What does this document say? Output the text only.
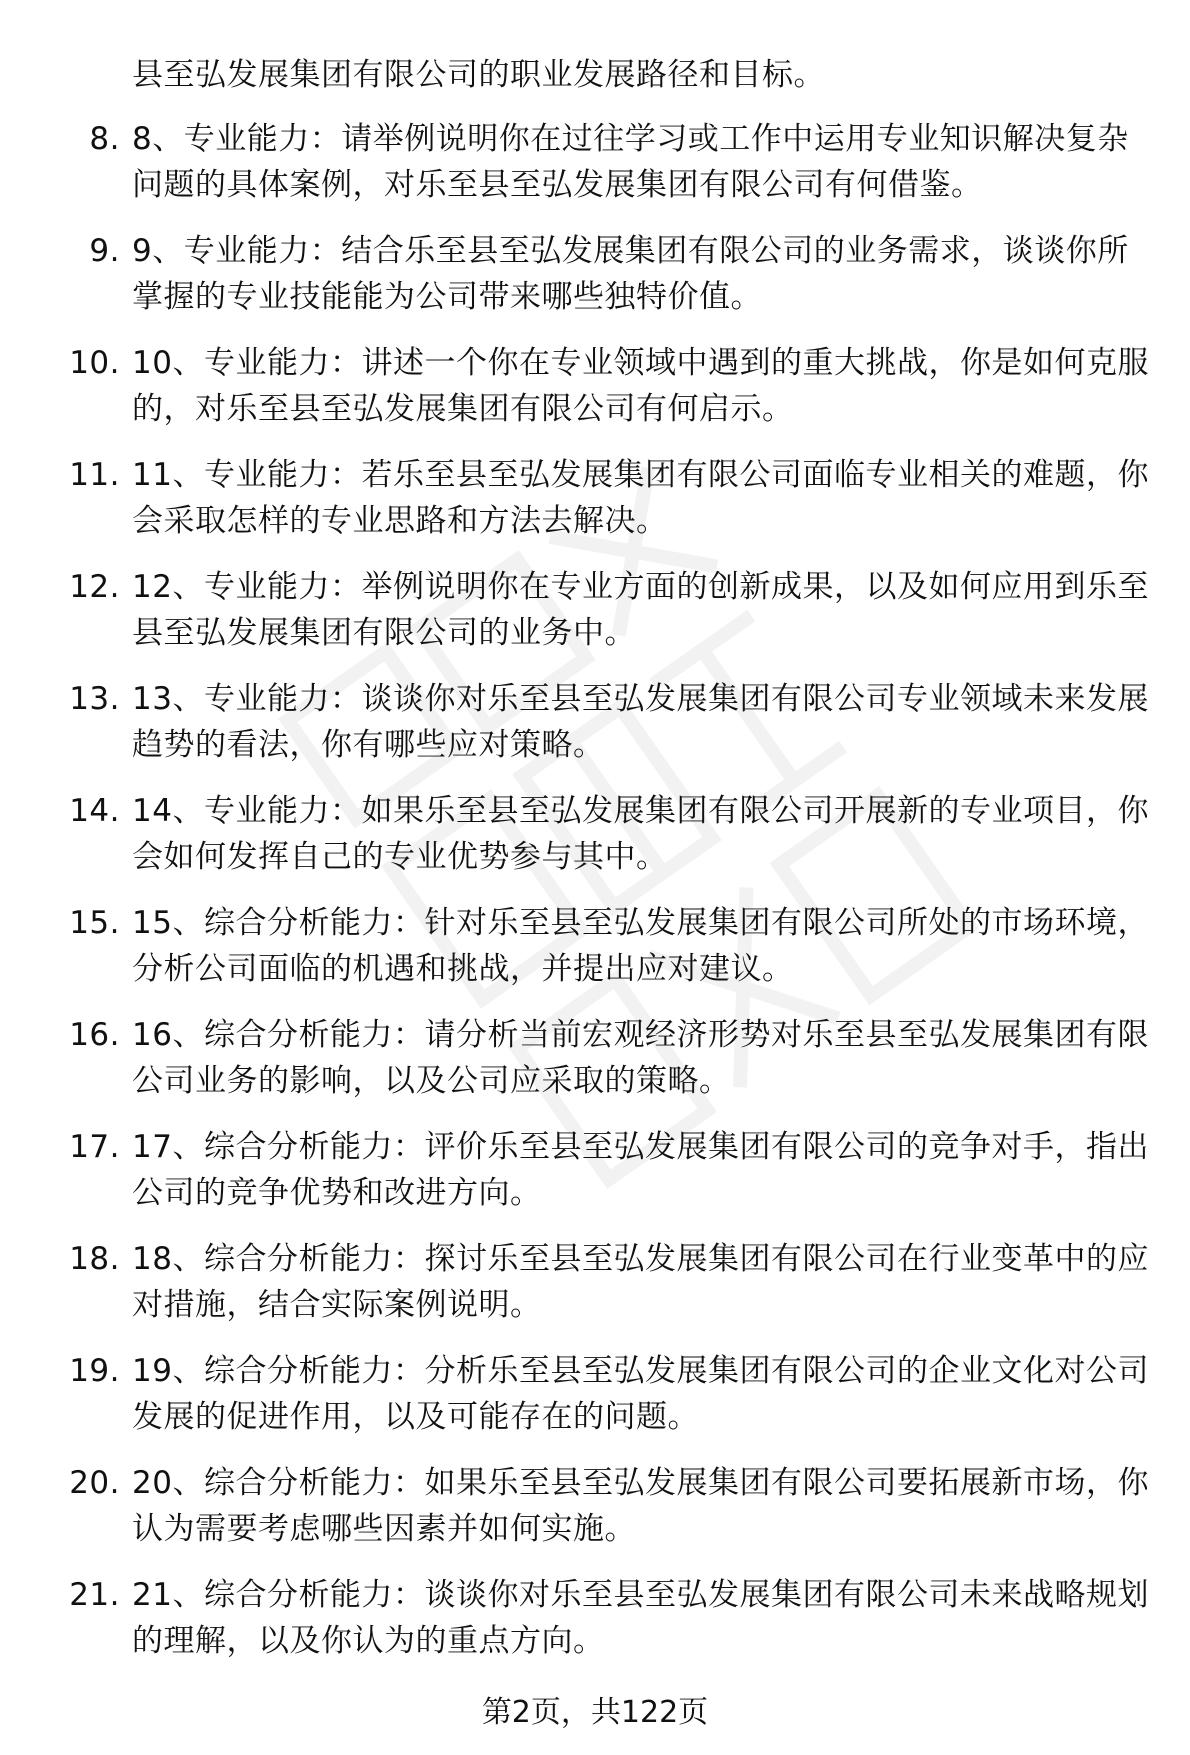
县至弘发展集团有限公司的职业发展路径和目标。
8. 8、专业能力：请举例说明你在过往学习或工作中运用专业知识解决复杂问题的具体案例，对乐至县至弘发展集团有限公司有何借鉴。
9. 9、专业能力：结合乐至县至弘发展集团有限公司的业务需求，谈谈你所掌握的专业技能能为公司带来哪些独特价值。
10. 10、专业能力：讲述一个你在专业领域中遇到的重大挑战，你是如何克服的，对乐至县至弘发展集团有限公司有何启示。
11. 11、专业能力：若乐至县至弘发展集团有限公司面临专业相关的难题，你会采取怎样的专业思路和方法去解决。
12. 12、专业能力：举例说明你在专业方面的创新成果，以及如何应用到乐至县至弘发展集团有限公司的业务中。
13. 13、专业能力：谈谈你对乐至县至弘发展集团有限公司专业领域未来发展趋势的看法，你有哪些应对策略。
14. 14、专业能力：如果乐至县至弘发展集团有限公司开展新的专业项目，你会如何发挥自己的专业优势参与其中。
15. 15、综合分析能力：针对乐至县至弘发展集团有限公司所处的市场环境，分析公司面临的机遇和挑战，并提出应对建议。
16. 16、综合分析能力：请分析当前宏观经济形势对乐至县至弘发展集团有限公司业务的影响，以及公司应采取的策略。
17. 17、综合分析能力：评价乐至县至弘发展集团有限公司的竞争对手，指出公司的竞争优势和改进方向。
18. 18、综合分析能力：探讨乐至县至弘发展集团有限公司在行业变革中的应对措施，结合实际案例说明。
19. 19、综合分析能力：分析乐至县至弘发展集团有限公司的企业文化对公司发展的促进作用，以及可能存在的问题。
20. 20、综合分析能力：如果乐至县至弘发展集团有限公司要拓展新市场，你认为需要考虑哪些因素并如何实施。
21. 21、综合分析能力：谈谈你对乐至县至弘发展集团有限公司未来战略规划的理解，以及你认为的重点方向。
第2页，共122页
